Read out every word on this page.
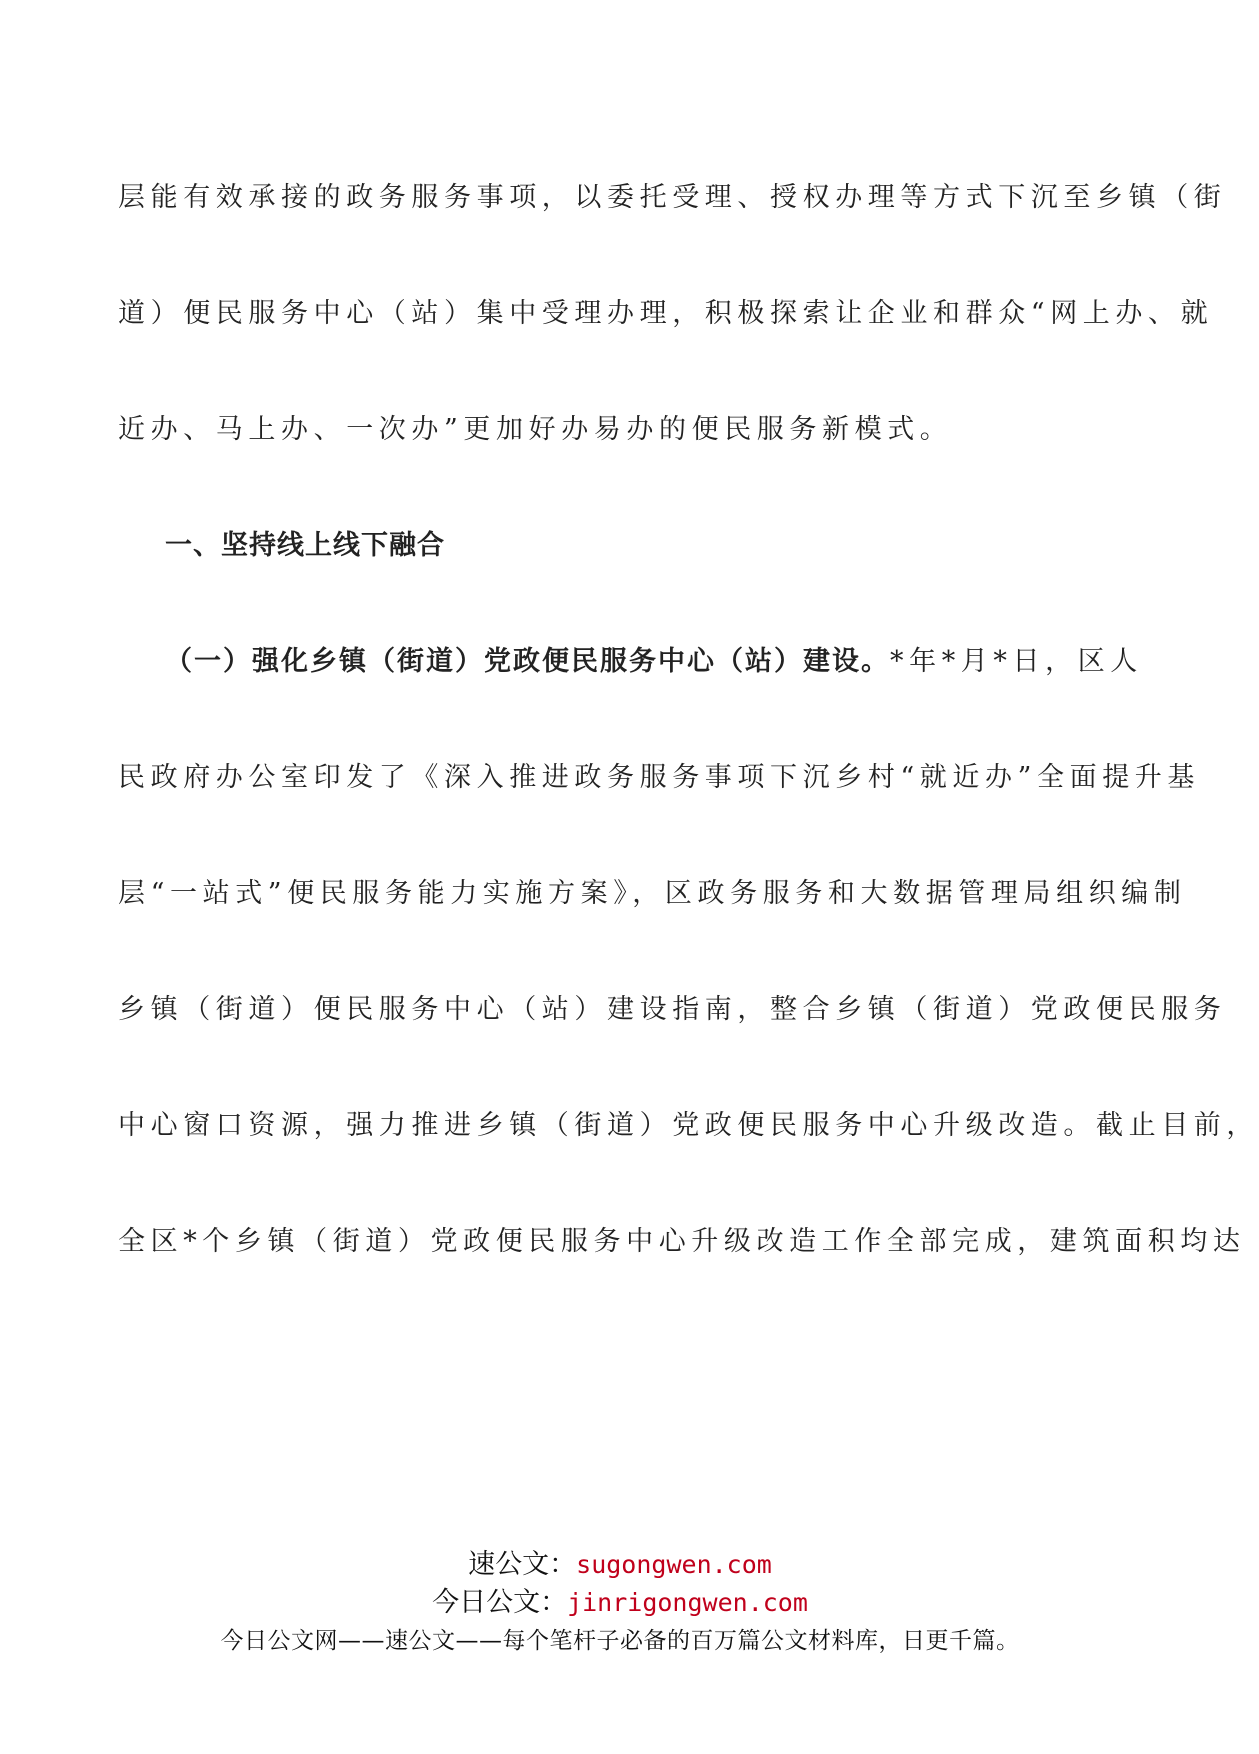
层能有效承接的政务服务事项，以委托受理、授权办理等方式下沉至乡镇（街
道）便民服务中心（站）集中受理办理，积极探索让企业和群众“网上办、就
近办、马上办、一次办”更加好办易办的便民服务新模式。
一、坚持线上线下融合
（一）强化乡镇（街道）党政便民服务中心（站）建设。*年*月*日，区人
民政府办公室印发了《深入推进政务服务事项下沉乡村“就近办”全面提升基
层“一站式”便民服务能力实施方案》，区政务服务和大数据管理局组织编制
乡镇（街道）便民服务中心（站）建设指南，整合乡镇（街道）党政便民服务
中心窗口资源，强力推进乡镇（街道）党政便民服务中心升级改造。截止目前，
全区*个乡镇（街道）党政便民服务中心升级改造工作全部完成，建筑面积均达
速公文：sugongwen.com
今日公文：jinrigongwen.com
今日公文网——速公文——每个笔杆子必备的百万篇公文材料库，日更千篇。
